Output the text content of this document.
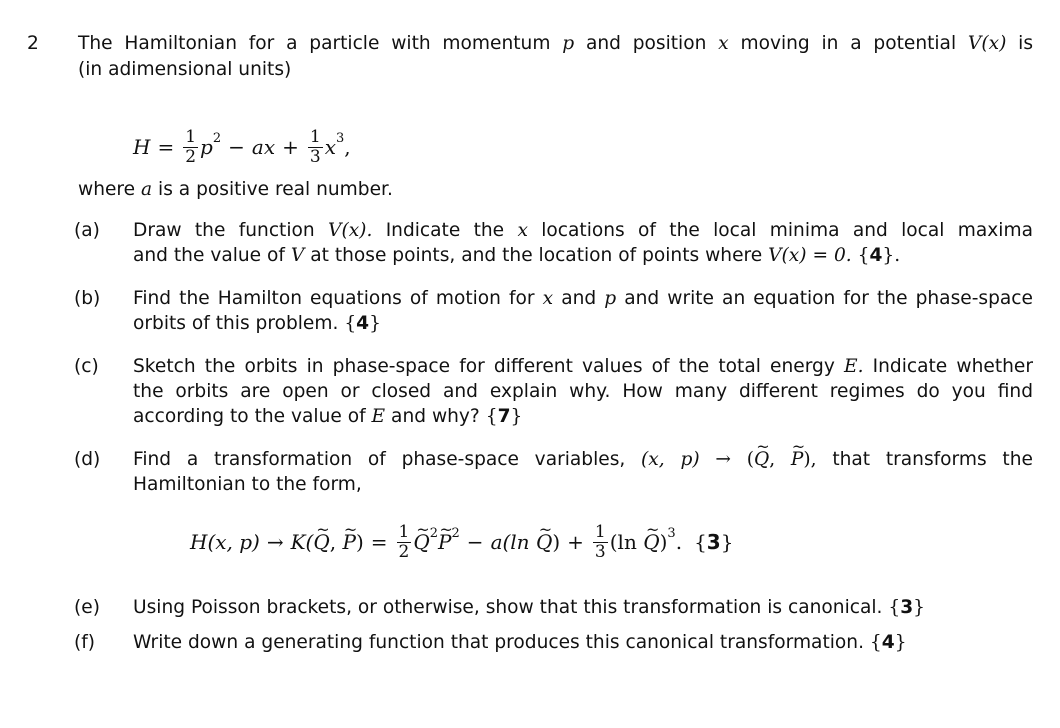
2 The Hamiltonian for a particle with momentum p and position x moving in a potential V(x) is
(in adimensional units)
$H = \frac{1}{2}$ p 2 − ax + $\frac{1}{3}$ x 3 ,
where a is a positive real number.
(a)	Draw the function V(x). Indicate the x locations of the local minima and local maxima
and the value of V at those points, and the location of points where V(x) = 0. {4}.
(b)	Find the Hamilton equations of motion for x and p and write an equation for the phase-space
orbits of this problem. {4}
(c)	Sketch the orbits in phase-space for different values of the total energy E. Indicate whether
the orbits are open or closed and explain why. How many different regimes do you find
according to the value of E and why? {7}
(d)	Find a transformation of phase-space variables, (x, p) → (~ Q, ~ P), that transforms the
Hamiltonian to the form,
H(x, p) → K( ~ Q ,
~ P ) = $\frac{1}{2}$ ~ Q 2 ~ P 2 − a(ln
~ Q ) + $\frac{1}{3} (\ln$
~ Q ) 3 . {3}
(e)	Using Poisson brackets, or otherwise, show that this transformation is canonical. {3}
(f)	Write down a generating function that produces this canonical transformation. {4}
